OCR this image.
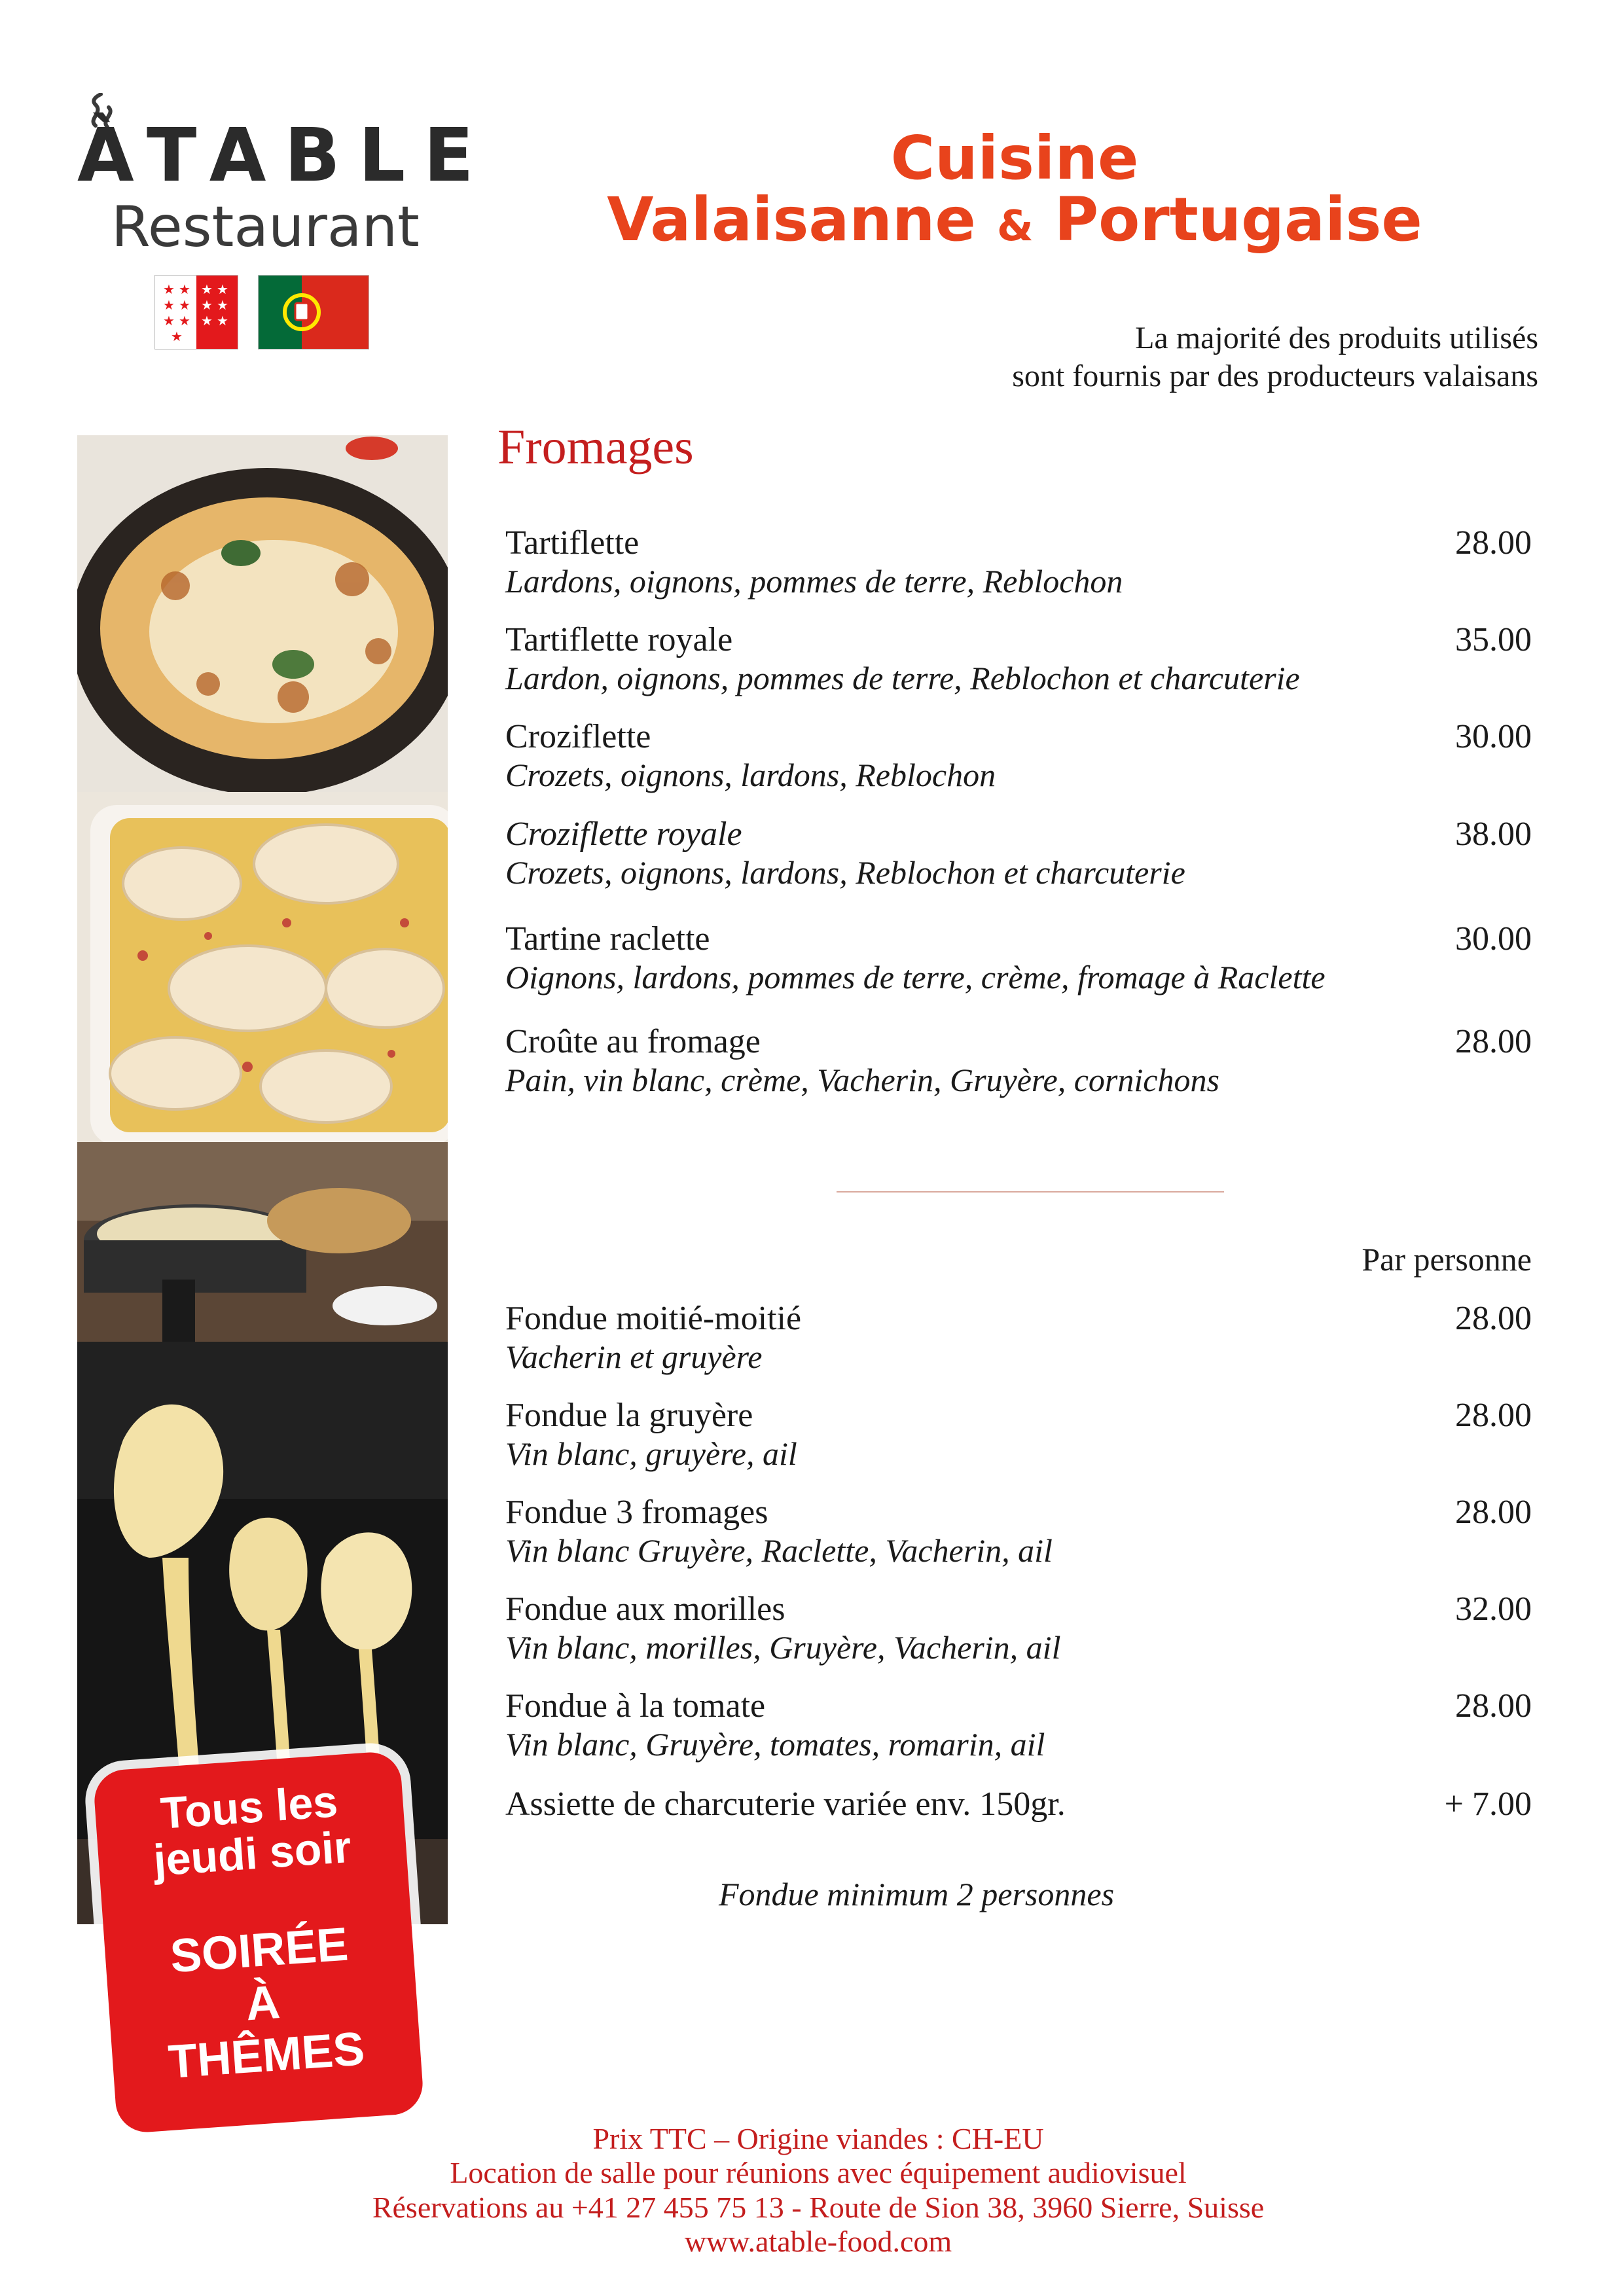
ÀTABLE
Restaurant
★ ★
★ ★
★ ★
★
★ ★
★ ★
★ ★
Cuisine
Valaisanne & Portugaise
La majorité des produits utilisés
sont fournis par des producteurs valaisans
Fromages
Tartiflette
Lardons, oignons, pommes de terre, Reblochon
28.00
Tartiflette royale
Lardon, oignons, pommes de terre, Reblochon et charcuterie
35.00
Croziflette
Crozets, oignons, lardons, Reblochon
30.00
Croziflette royale
Crozets, oignons, lardons, Reblochon et charcuterie
38.00
Tartine raclette
Oignons, lardons, pommes de terre, crème, fromage à Raclette
30.00
Croûte au fromage
Pain, vin blanc, crème, Vacherin, Gruyère, cornichons
28.00
Par personne
Fondue moitié-moitié
Vacherin et gruyère
28.00
Fondue la gruyère
Vin blanc, gruyère, ail
28.00
Fondue 3 fromages
Vin blanc Gruyère, Raclette, Vacherin, ail
28.00
Fondue aux morilles
Vin blanc, morilles, Gruyère, Vacherin, ail
32.00
Fondue à la tomate
Vin blanc, Gruyère, tomates, romarin, ail
28.00
Assiette de charcuterie variée env. 150gr.	+ 7.00
Fondue minimum 2 personnes
Tous les
jeudi soir
SOIRÉE
À
THÊMES
Prix TTC – Origine viandes : CH-EU
Location de salle pour réunions avec équipement audiovisuel
Réservations au +41 27 455 75 13 - Route de Sion 38, 3960 Sierre, Suisse
www.atable-food.com
